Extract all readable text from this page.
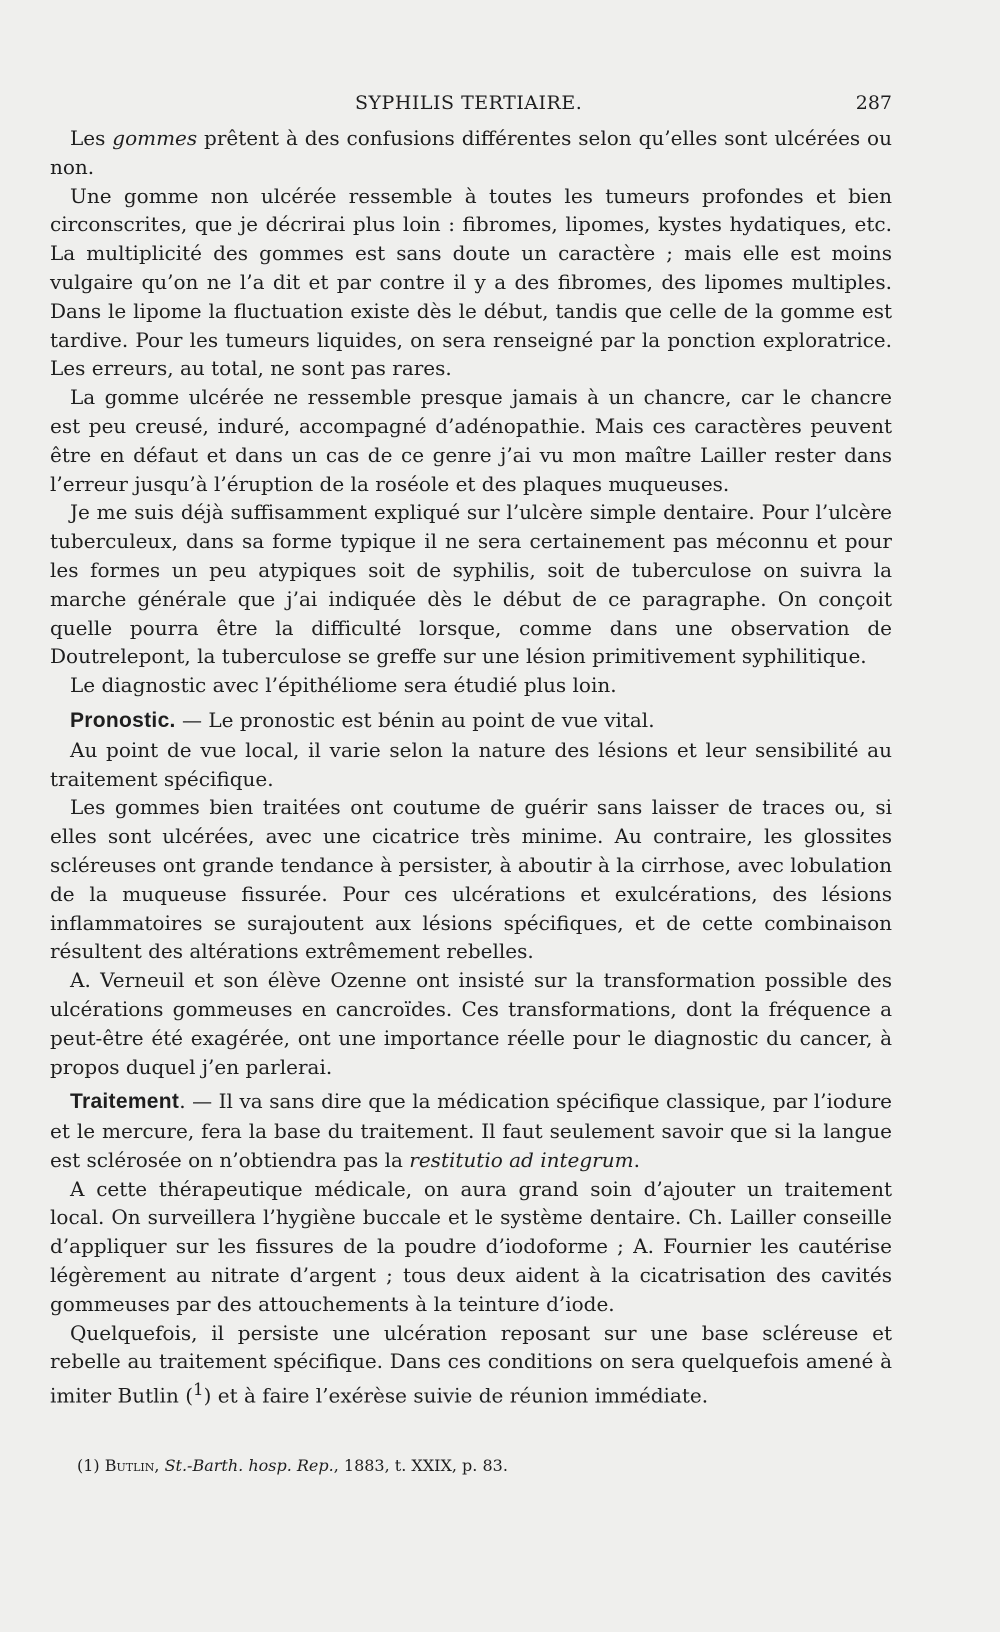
SYPHILIS TERTIAIRE.	287

Les gommes prêtent à des confusions différentes selon qu’elles sont ulcérées ou non.

Une gomme non ulcérée ressemble à toutes les tumeurs profondes et bien circonscrites, que je décrirai plus loin : fibromes, lipomes, kystes hydatiques, etc. La multiplicité des gommes est sans doute un caractère ; mais elle est moins vulgaire qu’on ne l’a dit et par contre il y a des fibromes, des lipomes multiples. Dans le lipome la fluctuation existe dès le début, tandis que celle de la gomme est tardive. Pour les tumeurs liquides, on sera renseigné par la ponction exploratrice. Les erreurs, au total, ne sont pas rares.

La gomme ulcérée ne ressemble presque jamais à un chancre, car le chancre est peu creusé, induré, accompagné d’adénopathie. Mais ces caractères peuvent être en défaut et dans un cas de ce genre j’ai vu mon maître Lailler rester dans l’erreur jusqu’à l’éruption de la roséole et des plaques muqueuses.

Je me suis déjà suffisamment expliqué sur l’ulcère simple dentaire. Pour l’ulcère tuberculeux, dans sa forme typique il ne sera certainement pas méconnu et pour les formes un peu atypiques soit de syphilis, soit de tuberculose on suivra la marche générale que j’ai indiquée dès le début de ce paragraphe. On conçoit quelle pourra être la difficulté lorsque, comme dans une observation de Doutrelepont, la tuberculose se greffe sur une lésion primitivement syphilitique.

Le diagnostic avec l’épithéliome sera étudié plus loin.

Pronostic. — Le pronostic est bénin au point de vue vital.

Au point de vue local, il varie selon la nature des lésions et leur sensibilité au traitement spécifique.

Les gommes bien traitées ont coutume de guérir sans laisser de traces ou, si elles sont ulcérées, avec une cicatrice très minime. Au contraire, les glossites scléreuses ont grande tendance à persister, à aboutir à la cirrhose, avec lobulation de la muqueuse fissurée. Pour ces ulcérations et exulcérations, des lésions inflammatoires se surajoutent aux lésions spécifiques, et de cette combinaison résultent des altérations extrêmement rebelles.

A. Verneuil et son élève Ozenne ont insisté sur la transformation possible des ulcérations gommeuses en cancroïdes. Ces transformations, dont la fréquence a peut-être été exagérée, ont une importance réelle pour le diagnostic du cancer, à propos duquel j’en parlerai.

Traitement. — Il va sans dire que la médication spécifique classique, par l’iodure et le mercure, fera la base du traitement. Il faut seulement savoir que si la langue est sclérosée on n’obtiendra pas la restitutio ad integrum.

A cette thérapeutique médicale, on aura grand soin d’ajouter un traitement local. On surveillera l’hygiène buccale et le système dentaire. Ch. Lailler conseille d’appliquer sur les fissures de la poudre d’iodoforme ; A. Fournier les cautérise légèrement au nitrate d’argent ; tous deux aident à la cicatrisation des cavités gommeuses par des attouchements à la teinture d’iode.

Quelquefois, il persiste une ulcération reposant sur une base scléreuse et rebelle au traitement spécifique. Dans ces conditions on sera quelquefois amené à imiter Butlin ($^1$) et à faire l’exérèse suivie de réunion immédiate.

(1) Butlin, St.-Barth. hosp. Rep., 1883, t. XXIX, p. 83.
